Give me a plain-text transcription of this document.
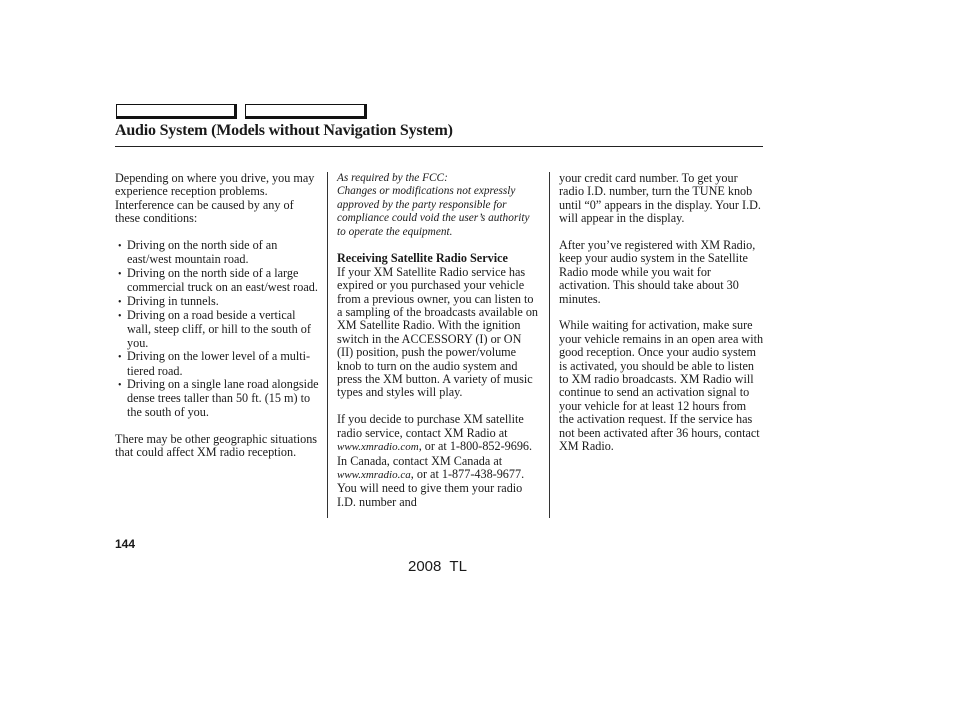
Audio System (Models without Navigation System)

Depending on where you drive, you may experience reception problems. Interference can be caused by any of these conditions:

• Driving on the north side of an east/west mountain road.
• Driving on the north side of a large commercial truck on an east/west road.
• Driving in tunnels.
• Driving on a road beside a vertical wall, steep cliff, or hill to the south of you.
• Driving on the lower level of a multi-tiered road.
• Driving on a single lane road alongside dense trees taller than 50 ft. (15 m) to the south of you.

There may be other geographic situations that could affect XM radio reception.

As required by the FCC:
Changes or modifications not expressly approved by the party responsible for compliance could void the user’s authority to operate the equipment.

Receiving Satellite Radio Service

If your XM Satellite Radio service has expired or you purchased your vehicle from a previous owner, you can listen to a sampling of the broadcasts available on XM Satellite Radio. With the ignition switch in the ACCESSORY (I) or ON (II) position, push the power/volume knob to turn on the audio system and press the XM button. A variety of music types and styles will play.

If you decide to purchase XM satellite radio service, contact XM Radio at www.xmradio.com, or at 1-800-852-9696. In Canada, contact XM Canada at www.xmradio.ca, or at 1-877-438-9677. You will need to give them your radio I.D. number and

your credit card number. To get your radio I.D. number, turn the TUNE knob until “0” appears in the display. Your I.D. will appear in the display.

After you’ve registered with XM Radio, keep your audio system in the Satellite Radio mode while you wait for activation. This should take about 30 minutes.

While waiting for activation, make sure your vehicle remains in an open area with good reception. Once your audio system is activated, you should be able to listen to XM radio broadcasts. XM Radio will continue to send an activation signal to your vehicle for at least 12 hours from the activation request. If the service has not been activated after 36 hours, contact XM Radio.

144
2008  TL
